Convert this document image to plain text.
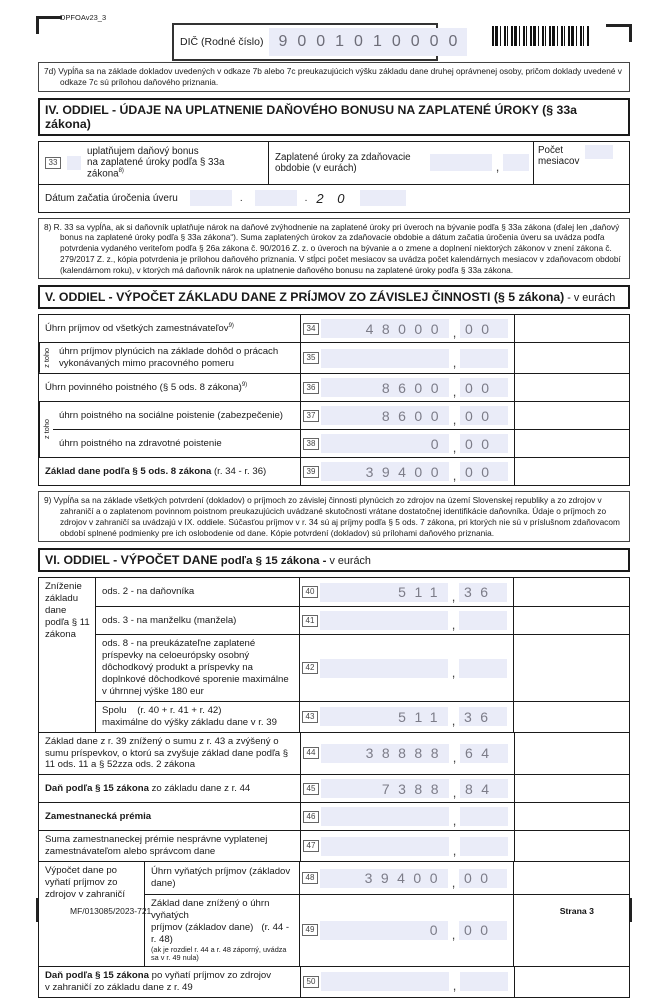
DPFOAv23_3
DIČ (Rodné číslo) 9001010000
7d) Vypĺňa sa na základe dokladov uvedených v odkaze 7b alebo 7c preukazujúcich výšku základu dane druhej oprávnenej osoby, pričom doklady uvedené v odkaze 7c sú prílohou daňového priznania.
IV. ODDIEL - ÚDAJE NA UPLATNENIE DAŇOVÉHO BONUSU NA ZAPLATENÉ ÚROKY (§ 33a zákona)
33
uplatňujem daňový bonus
na zaplatené úroky podľa § 33a zákona$^{8)}$
Zaplatené úroky za zdaňovacie
obdobie (v eurách)	,
Počet
mesiacov
Dátum začatia úročenia úveru	.	. 2 0
8) R. 33 sa vypĺňa, ak si daňovník uplatňuje nárok na daňové zvýhodnenie na zaplatené úroky pri úveroch na bývanie podľa § 33a zákona (ďalej len „daňový bonus na zaplatené úroky podľa § 33a zákona“). Suma zaplatených úrokov za zdaňovacie obdobie a dátum začatia úročenia úveru sa uvádza podľa potvrdenia vydaného veriteľom podľa § 26a zákona č. 90/2016 Z. z. o úveroch na bývanie a o zmene a doplnení niektorých zákonov v znení zákona č. 279/2017 Z. z., kópia potvrdenia je prílohou daňového priznania. V stĺpci počet mesiacov sa uvádza počet kalendárnych mesiacov v zdaňovacom období (kalendárnom roku), v ktorých má daňovník nárok na uplatnenie daňového bonusu na zaplatené úroky podľa § 33a zákona.
V. ODDIEL - VÝPOČET ZÁKLADU DANE Z PRÍJMOV ZO ZÁVISLEJ ČINNOSTI (§ 5 zákona) - v eurách
Úhrn príjmov od všetkých zamestnávateľov$^{9)}$	34	48000 , 00
z toho úhrn príjmov plynúcich na základe dohôd o prácach
vykonávaných mimo pracovného pomeru
35	,
Úhrn povinného poistného (§ 5 ods. 8 zákona)$^{9)}$	36	8600 , 00
z toho
úhrn poistného na sociálne poistenie (zabezpečenie)	37	8600 , 00
úhrn poistného na zdravotné poistenie	38	0 , 00
Základ dane podľa § 5 ods. 8 zákona (r. 34 - r. 36)	39	39400 , 00
9) Vypĺňa sa na základe všetkých potvrdení (dokladov) o príjmoch zo závislej činnosti plynúcich zo zdrojov na území Slovenskej republiky a zo zdrojov v zahraničí a o zaplatenom povinnom poistnom preukazujúcich uvádzané skutočnosti vrátane dostatočnej identifikácie daňovníka. Údaje o príjmoch zo zdrojov v zahraničí sa uvádzajú v IX. oddiele. Súčasťou príjmov v r. 34 sú aj príjmy podľa § 5 ods. 7 zákona, pri ktorých nie sú v príslušnom zdaňovacom období splnené podmienky pre ich oslobodenie od dane. Kópie potvrdení (dokladov) sú prílohami daňového priznania.
VI. ODDIEL - VÝPOČET DANE podľa § 15 zákona - v eurách
Zníženie základu dane podľa § 11 zákona
ods. 2 - na daňovníka	40	511 , 36
ods. 3 - na manželku (manžela)	41	,
ods. 8 - na preukázateľne zaplatené príspevky na celoeurópsky osobný dôchodkový produkt a príspevky na doplnkové dôchodkové sporenie maximálne v úhrnnej výške 180 eur
42	,
Spolu    (r. 40 + r. 41 + r. 42)
maximálne do výšky základu dane v r. 39
43	511 , 36
Základ dane z r. 39 znížený o sumu z r. 43 a zvýšený o sumu príspevkov, o ktorú sa zvyšuje základ dane podľa § 11 ods. 11 a § 52zza ods. 2 zákona
44	38888 , 64
Daň podľa § 15 zákona zo základu dane z r. 44	45	7388 , 84
Zamestnanecká prémia	46	,
Suma zamestnaneckej prémie nesprávne vyplatenej
zamestnávateľom alebo správcom dane
47	,
Výpočet dane po vyňatí príjmov zo zdrojov v zahraničí
Úhrn vyňatých príjmov (základov dane)
48	39400 , 00
Základ dane znížený o úhrn vyňatých
príjmov (základov dane)   (r. 44 - r. 48)
(ak je rozdiel r. 44 a r. 48 záporný, uvádza sa v r. 49 nula)
49	0 , 00
Daň podľa § 15 zákona po vyňatí príjmov zo zdrojov
v zahraničí zo základu dane z r. 49
50	,
MF/013085/2023-721	Strana 3
